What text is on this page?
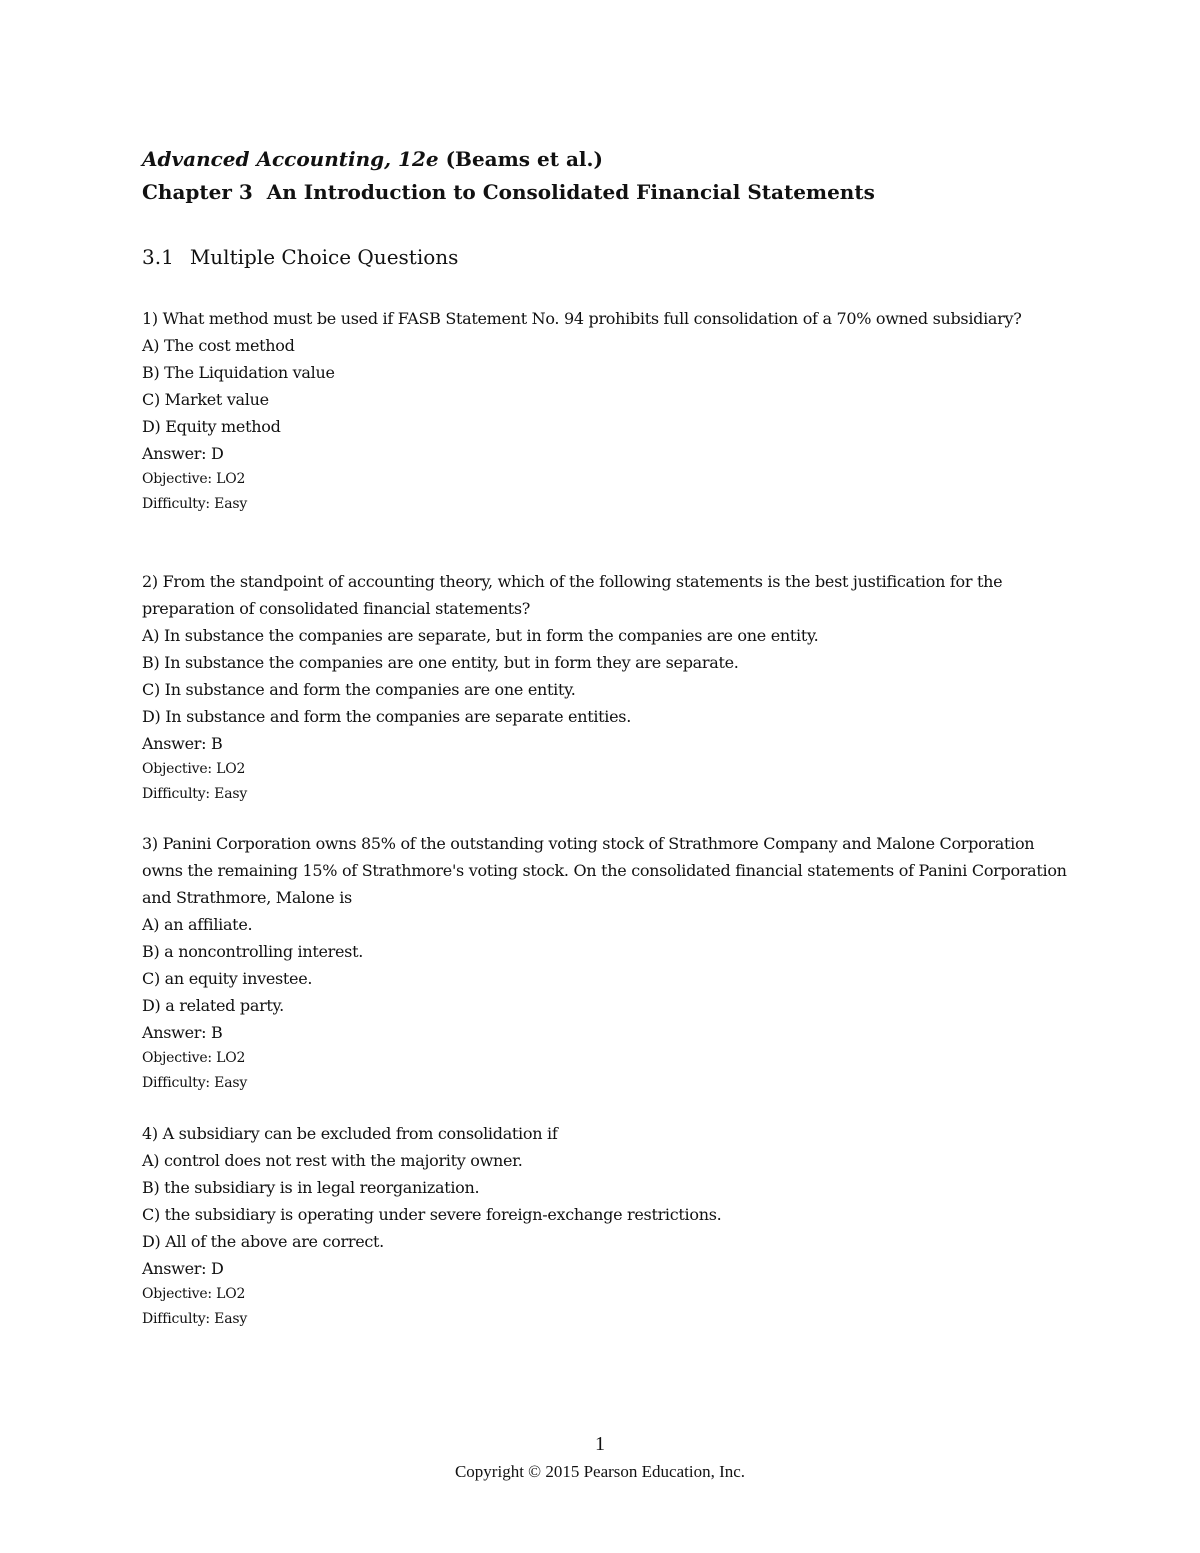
Advanced Accounting, 12e (Beams et al.)
Chapter 3 An Introduction to Consolidated Financial Statements
3.1 Multiple Choice Questions
1) What method must be used if FASB Statement No. 94 prohibits full consolidation of a 70% owned subsidiary?
A) The cost method
B) The Liquidation value
C) Market value
D) Equity method
Answer: D
Objective: LO2
Difficulty: Easy
2) From the standpoint of accounting theory, which of the following statements is the best justification for the preparation of consolidated financial statements?
A) In substance the companies are separate, but in form the companies are one entity.
B) In substance the companies are one entity, but in form they are separate.
C) In substance and form the companies are one entity.
D) In substance and form the companies are separate entities.
Answer: B
Objective: LO2
Difficulty: Easy
3) Panini Corporation owns 85% of the outstanding voting stock of Strathmore Company and Malone Corporation owns the remaining 15% of Strathmore's voting stock. On the consolidated financial statements of Panini Corporation and Strathmore, Malone is
A) an affiliate.
B) a noncontrolling interest.
C) an equity investee.
D) a related party.
Answer: B
Objective: LO2
Difficulty: Easy
4) A subsidiary can be excluded from consolidation if
A) control does not rest with the majority owner.
B) the subsidiary is in legal reorganization.
C) the subsidiary is operating under severe foreign-exchange restrictions.
D) All of the above are correct.
Answer: D
Objective: LO2
Difficulty: Easy
1
Copyright © 2015 Pearson Education, Inc.
